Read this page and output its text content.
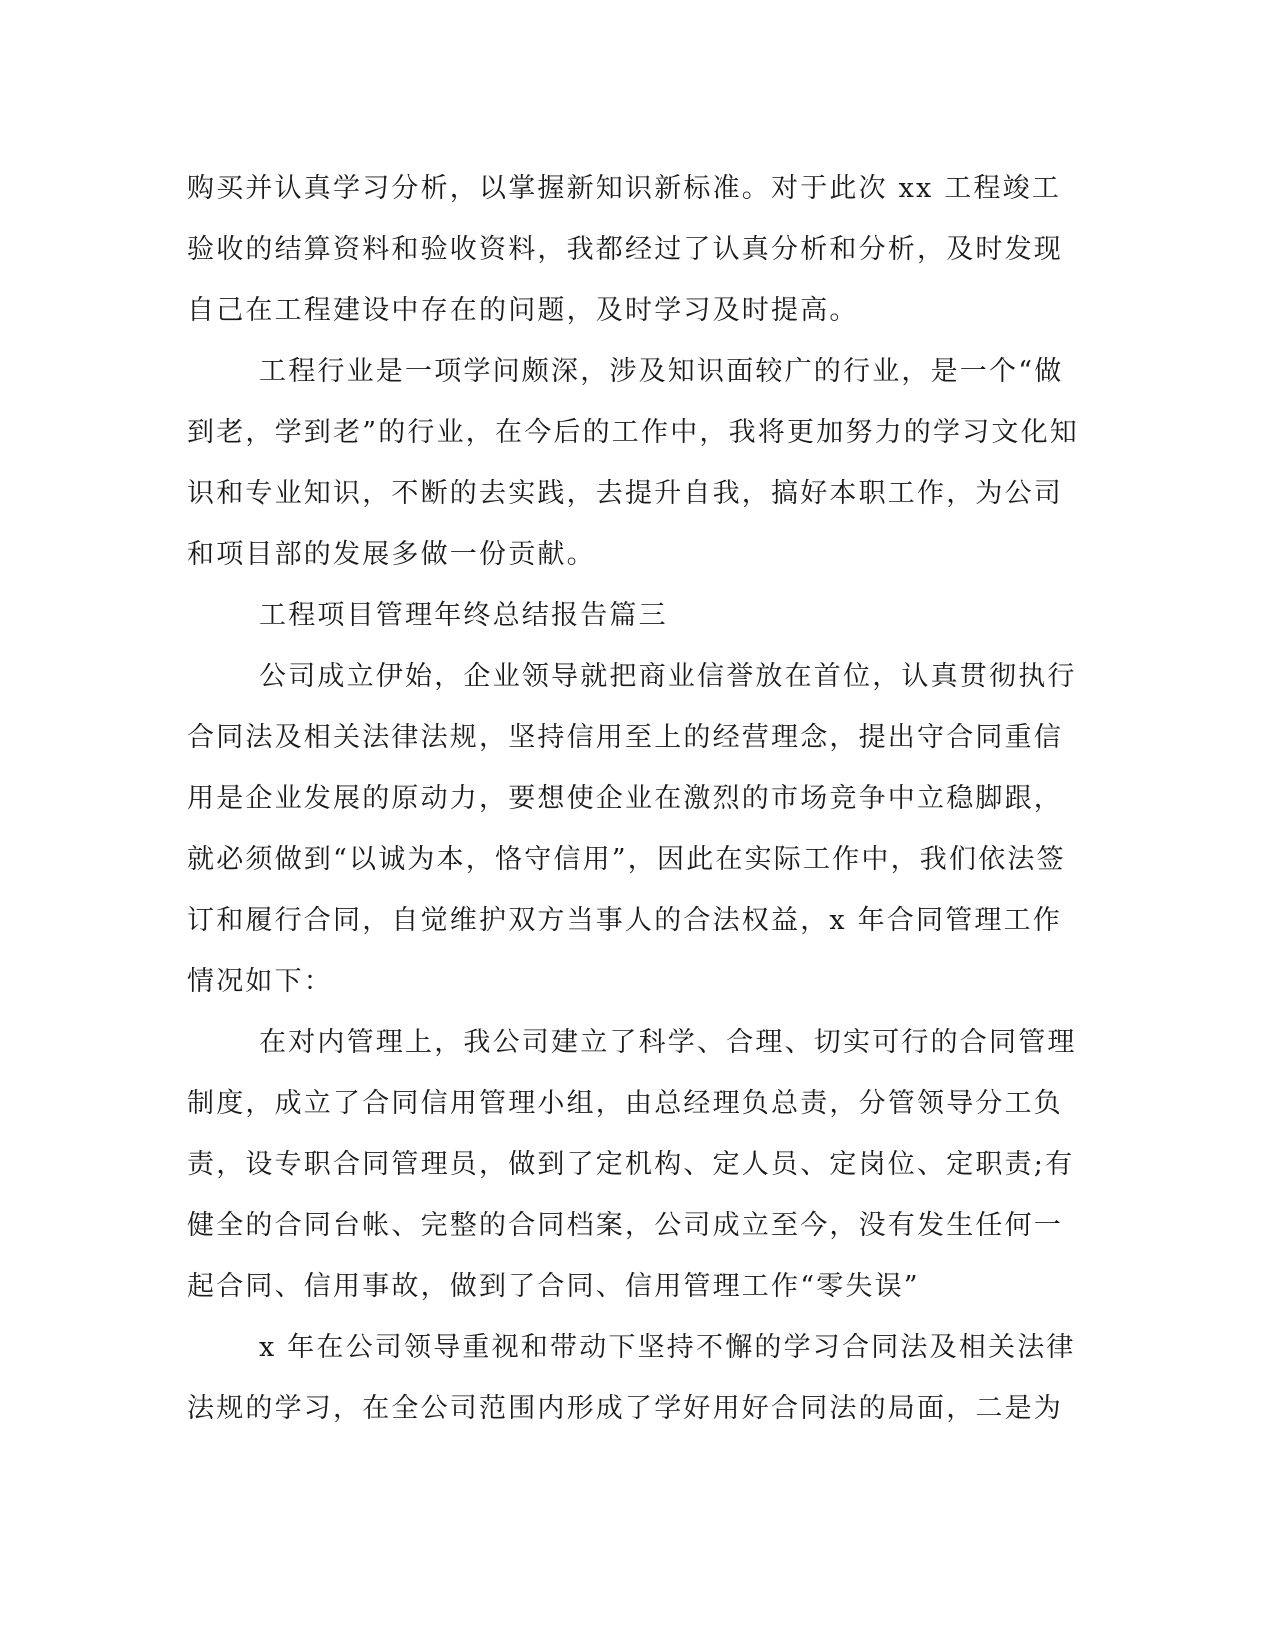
购买并认真学习分析，以掌握新知识新标准。对于此次 xx 工程竣工验收的结算资料和验收资料，我都经过了认真分析和分析，及时发现自己在工程建设中存在的问题，及时学习及时提高。

工程行业是一项学问颇深，涉及知识面较广的行业，是一个“做到老，学到老”的行业，在今后的工作中，我将更加努力的学习文化知识和专业知识，不断的去实践，去提升自我，搞好本职工作，为公司和项目部的发展多做一份贡献。

工程项目管理年终总结报告篇三

公司成立伊始，企业领导就把商业信誉放在首位，认真贯彻执行合同法及相关法律法规，坚持信用至上的经营理念，提出守合同重信用是企业发展的原动力，要想使企业在激烈的市场竞争中立稳脚跟，就必须做到“以诚为本，恪守信用”，因此在实际工作中，我们依法签订和履行合同，自觉维护双方当事人的合法权益，x 年合同管理工作情况如下：

在对内管理上，我公司建立了科学、合理、切实可行的合同管理制度，成立了合同信用管理小组，由总经理负总责，分管领导分工负责，设专职合同管理员，做到了定机构、定人员、定岗位、定职责;有健全的合同台帐、完整的合同档案，公司成立至今，没有发生任何一起合同、信用事故，做到了合同、信用管理工作“零失误”

x 年在公司领导重视和带动下坚持不懈的学习合同法及相关法律法规的学习，在全公司范围内形成了学好用好合同法的局面，二是为
